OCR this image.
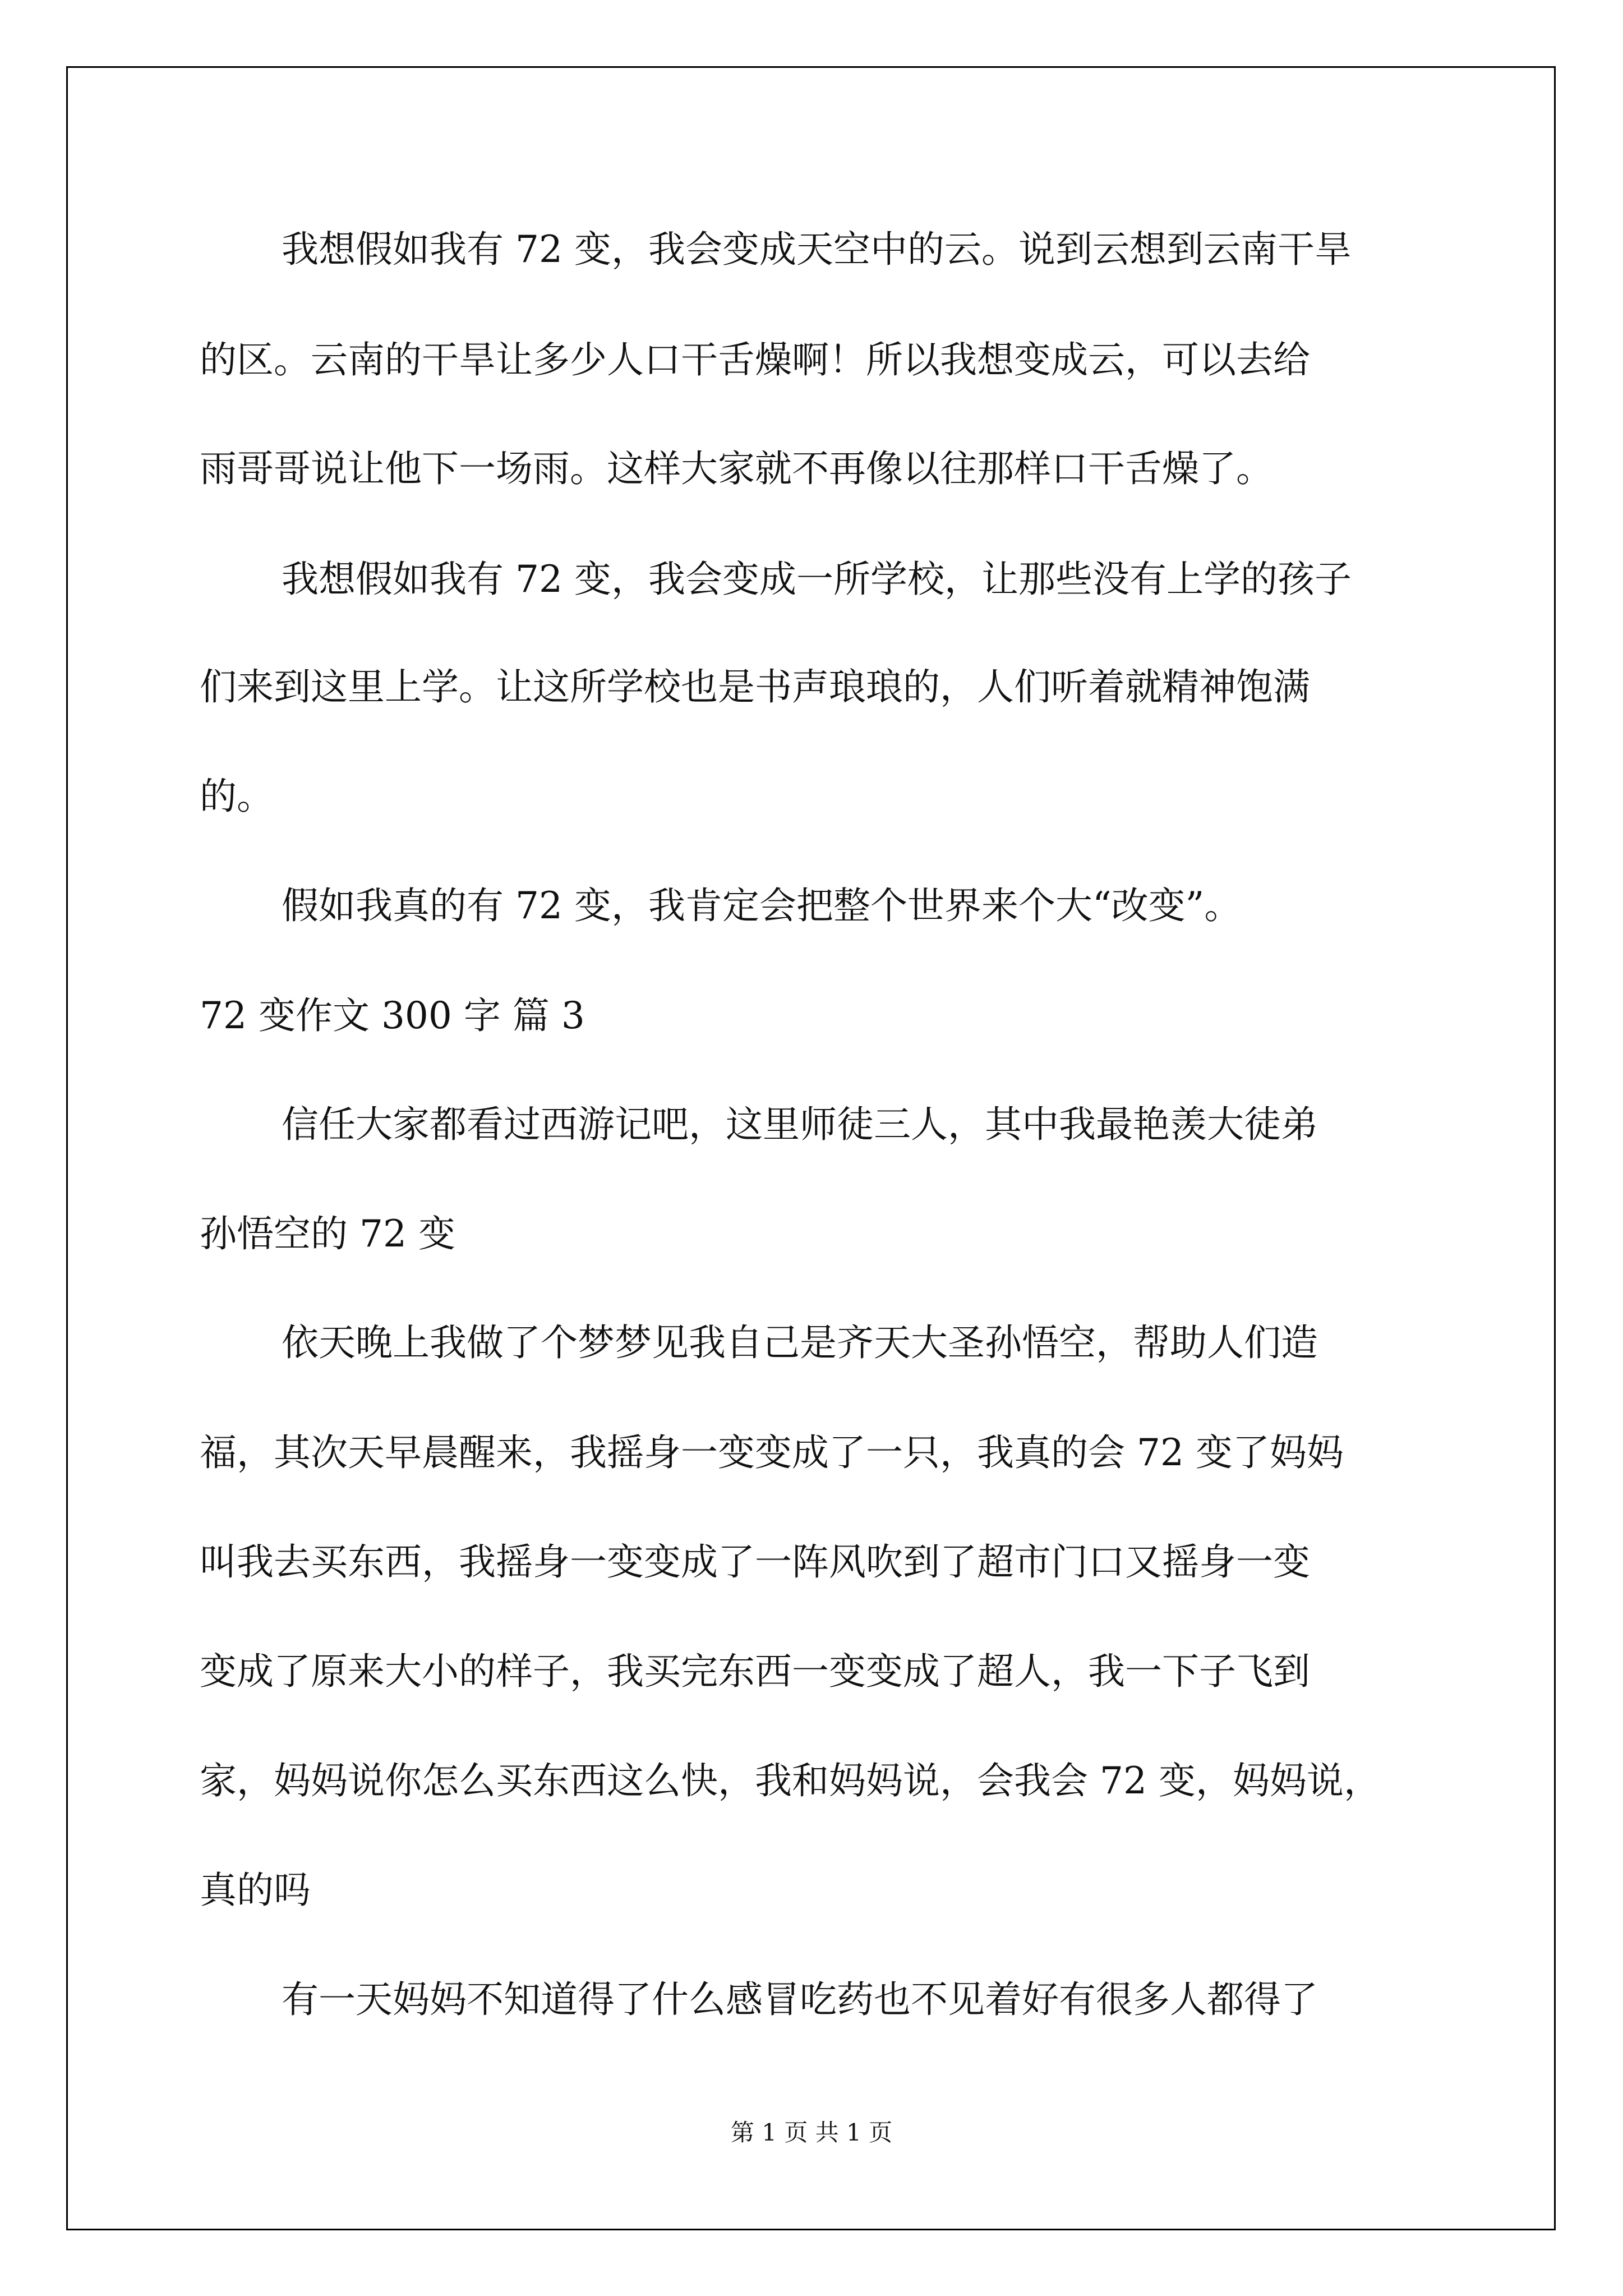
我想假如我有 72 变，我会变成天空中的云。说到云想到云南干旱

的区。云南的干旱让多少人口干舌燥啊！所以我想变成云，可以去给

雨哥哥说让他下一场雨。这样大家就不再像以往那样口干舌燥了。

我想假如我有 72 变，我会变成一所学校，让那些没有上学的孩子

们来到这里上学。让这所学校也是书声琅琅的，人们听着就精神饱满

的。

假如我真的有 72 变，我肯定会把整个世界来个大“改变”。

72 变作文 300 字 篇 3

信任大家都看过西游记吧，这里师徒三人，其中我最艳羡大徒弟

孙悟空的 72 变

依天晚上我做了个梦梦见我自己是齐天大圣孙悟空，帮助人们造

福，其次天早晨醒来，我摇身一变变成了一只，我真的会 72 变了妈妈

叫我去买东西，我摇身一变变成了一阵风吹到了超市门口又摇身一变

变成了原来大小的样子，我买完东西一变变成了超人，我一下子飞到

家，妈妈说你怎么买东西这么快，我和妈妈说，会我会 72 变，妈妈说，

真的吗

有一天妈妈不知道得了什么感冒吃药也不见着好有很多人都得了

第 1 页 共 1 页
